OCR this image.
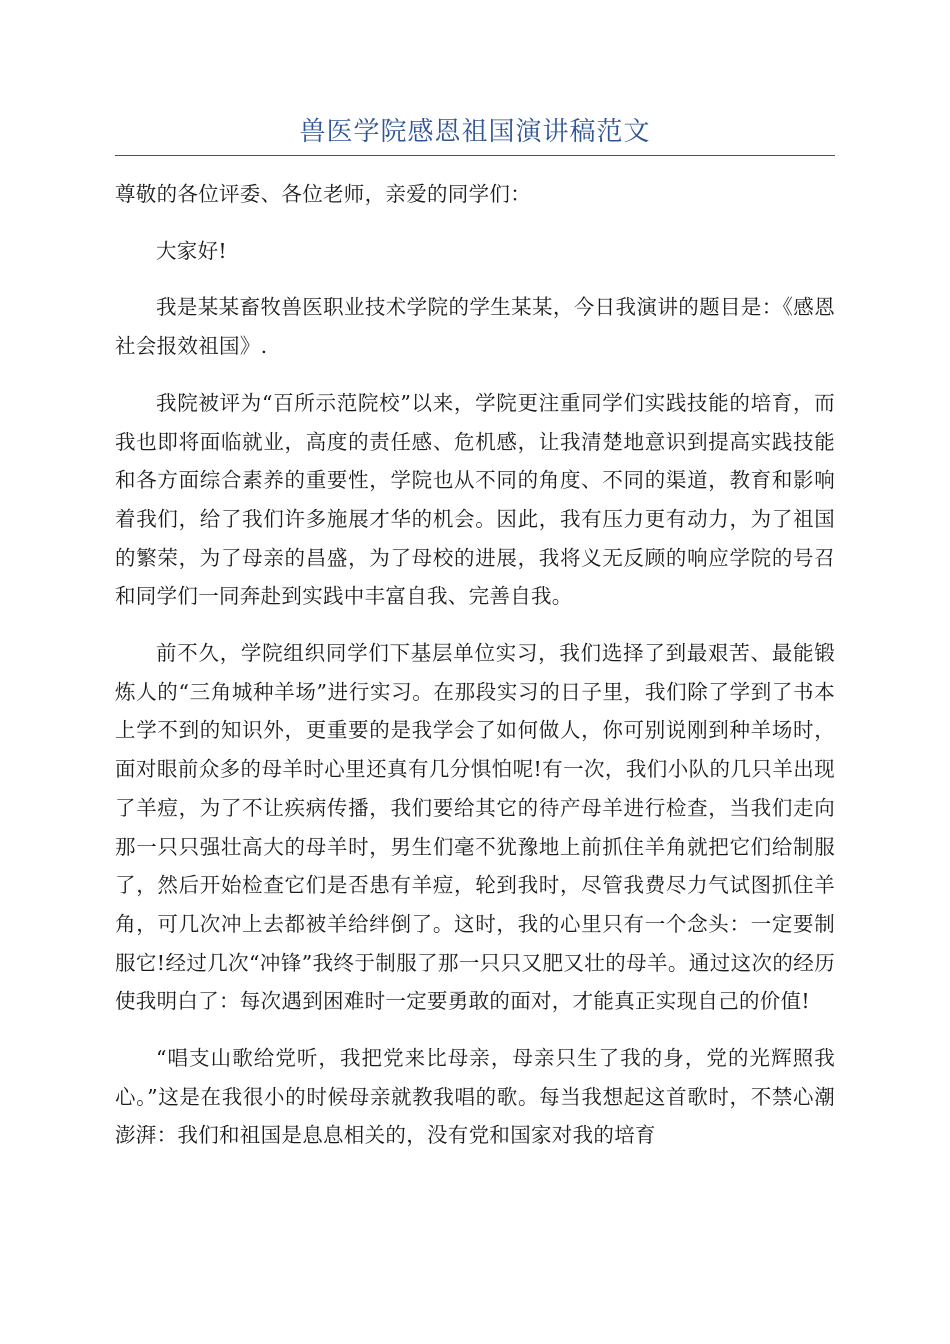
兽医学院感恩祖国演讲稿范文

尊敬的各位评委、各位老师，亲爱的同学们：

大家好!

我是某某畜牧兽医职业技术学院的学生某某，今日我演讲的题目是：《感恩社会报效祖国》.

我院被评为“百所示范院校”以来，学院更注重同学们实践技能的培育，而我也即将面临就业，高度的责任感、危机感，让我清楚地意识到提高实践技能和各方面综合素养的重要性，学院也从不同的角度、不同的渠道，教育和影响着我们，给了我们许多施展才华的机会。因此，我有压力更有动力，为了祖国的繁荣，为了母亲的昌盛，为了母校的进展，我将义无反顾的响应学院的号召和同学们一同奔赴到实践中丰富自我、完善自我。

前不久，学院组织同学们下基层单位实习，我们选择了到最艰苦、最能锻炼人的“三角城种羊场”进行实习。在那段实习的日子里，我们除了学到了书本上学不到的知识外，更重要的是我学会了如何做人，你可别说刚到种羊场时，面对眼前众多的母羊时心里还真有几分惧怕呢!有一次，我们小队的几只羊出现了羊痘，为了不让疾病传播，我们要给其它的待产母羊进行检查，当我们走向那一只只强壮高大的母羊时，男生们毫不犹豫地上前抓住羊角就把它们给制服了，然后开始检查它们是否患有羊痘，轮到我时，尽管我费尽力气试图抓住羊角，可几次冲上去都被羊给绊倒了。这时，我的心里只有一个念头：一定要制服它!经过几次“冲锋”我终于制服了那一只只又肥又壮的母羊。通过这次的经历使我明白了：每次遇到困难时一定要勇敢的面对，才能真正实现自己的价值!

“唱支山歌给党听，我把党来比母亲，母亲只生了我的身，党的光辉照我心。”这是在我很小的时候母亲就教我唱的歌。每当我想起这首歌时，不禁心潮澎湃：我们和祖国是息息相关的，没有党和国家对我的培育
